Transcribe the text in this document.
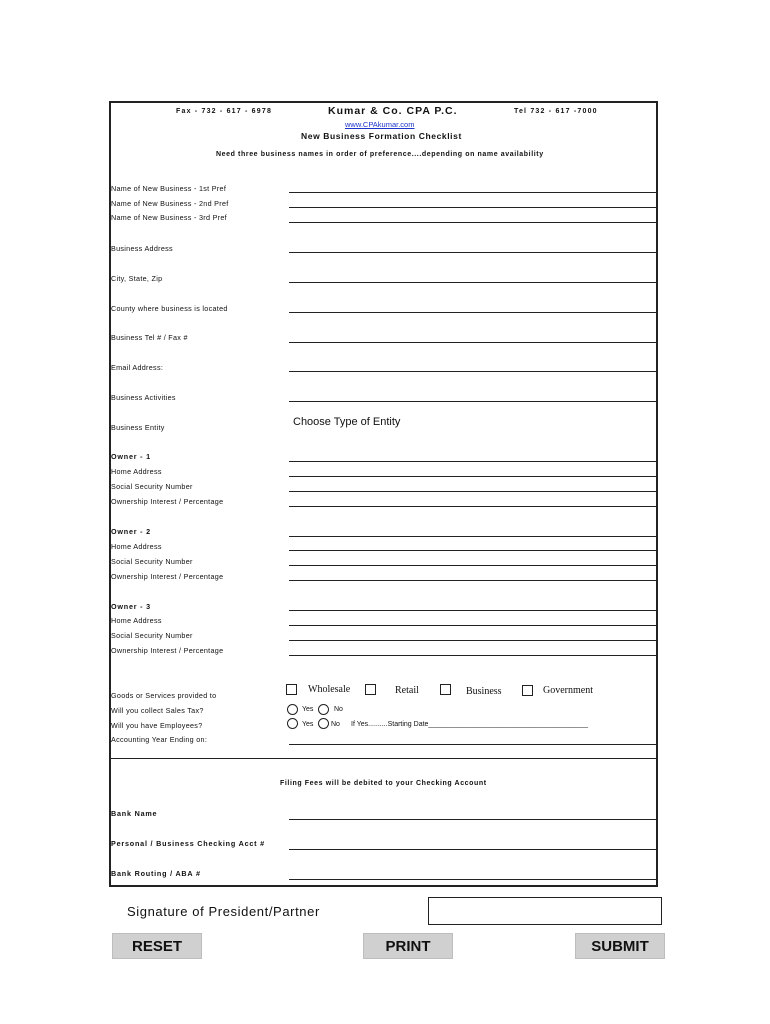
Fax - 732 - 617 - 6978	Kumar & Co. CPA P.C.	Tel 732 - 617 -7000
www.CPAkumar.com
New Business Formation Checklist
Need three business names in order of preference....depending on name availability
Name of New Business - 1st Pref
Name of New Business - 2nd Pref
Name of New Business - 3rd Pref
Business Address
City, State, Zip
County where business is located
Business Tel # / Fax #
Email Address:
Business Activities
Business Entity	Choose Type of Entity
Owner - 1
Home Address
Social Security Number
Ownership Interest / Percentage
Owner - 2
Home Address
Social Security Number
Ownership Interest / Percentage
Owner - 3
Home Address
Social Security Number
Ownership Interest / Percentage
Goods or Services provided to
Wholesale	Retail	Business	Government
Will you collect Sales Tax?	Yes	No
Will you have Employees?	Yes	No If Yes..........Starting Date_________________________________________
Accounting Year Ending on:
Filing Fees will be debited to your Checking Account
Bank Name
Personal / Business Checking Acct #
Bank Routing / ABA #
Signature of President/Partner
RESET	PRINT	SUBMIT
